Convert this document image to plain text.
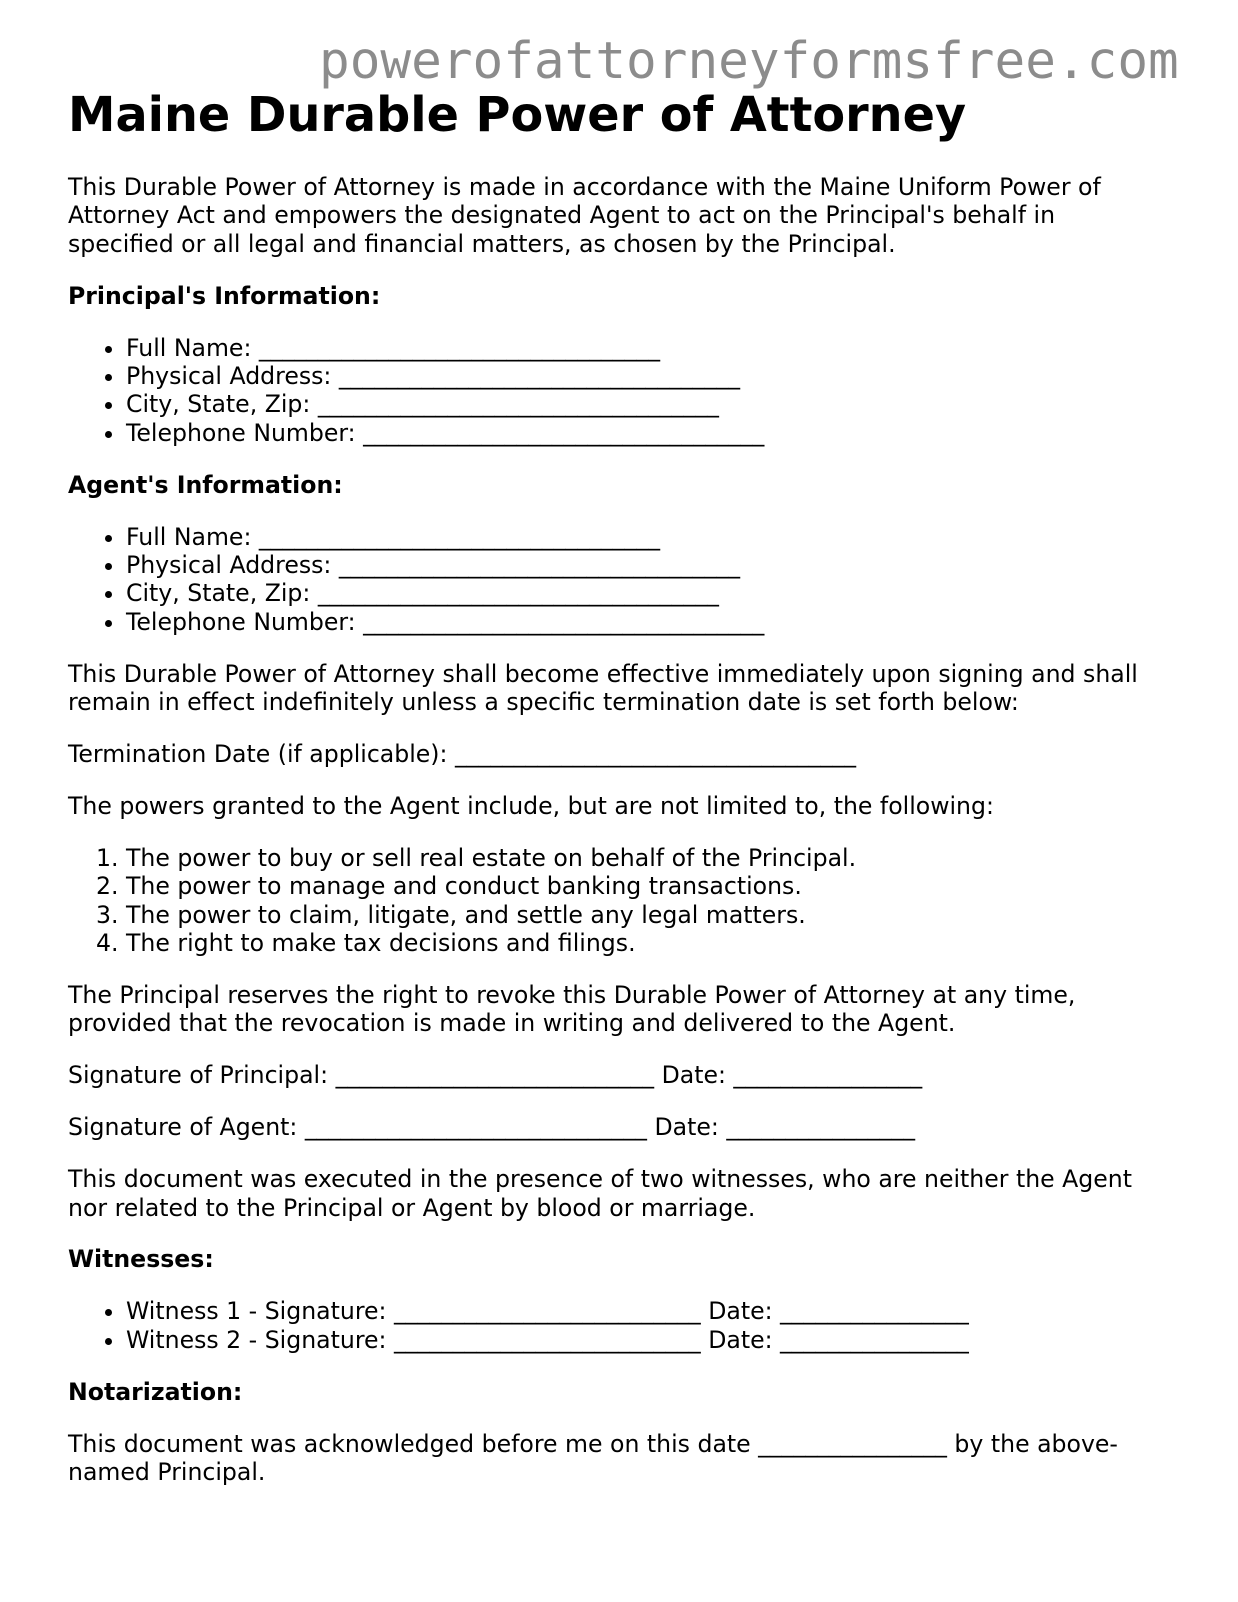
powerofattorneyformsfree.com
Maine Durable Power of Attorney

This Durable Power of Attorney is made in accordance with the Maine Uniform Power of Attorney Act and empowers the designated Agent to act on the Principal's behalf in specified or all legal and financial matters, as chosen by the Principal.

Principal's Information:

• Full Name: __________________________________
• Physical Address: __________________________________
• City, State, Zip: __________________________________
• Telephone Number: __________________________________

Agent's Information:

• Full Name: __________________________________
• Physical Address: __________________________________
• City, State, Zip: __________________________________
• Telephone Number: __________________________________

This Durable Power of Attorney shall become effective immediately upon signing and shall remain in effect indefinitely unless a specific termination date is set forth below:

Termination Date (if applicable): __________________________________

The powers granted to the Agent include, but are not limited to, the following:

1. The power to buy or sell real estate on behalf of the Principal.
2. The power to manage and conduct banking transactions.
3. The power to claim, litigate, and settle any legal matters.
4. The right to make tax decisions and filings.

The Principal reserves the right to revoke this Durable Power of Attorney at any time, provided that the revocation is made in writing and delivered to the Agent.

Signature of Principal: ___________________________ Date: ________________

Signature of Agent: _____________________________ Date: ________________

This document was executed in the presence of two witnesses, who are neither the Agent nor related to the Principal or Agent by blood or marriage.

Witnesses:

• Witness 1 - Signature: __________________________ Date: ________________
• Witness 2 - Signature: __________________________ Date: ________________

Notarization:

This document was acknowledged before me on this date ________________ by the above-named Principal.
